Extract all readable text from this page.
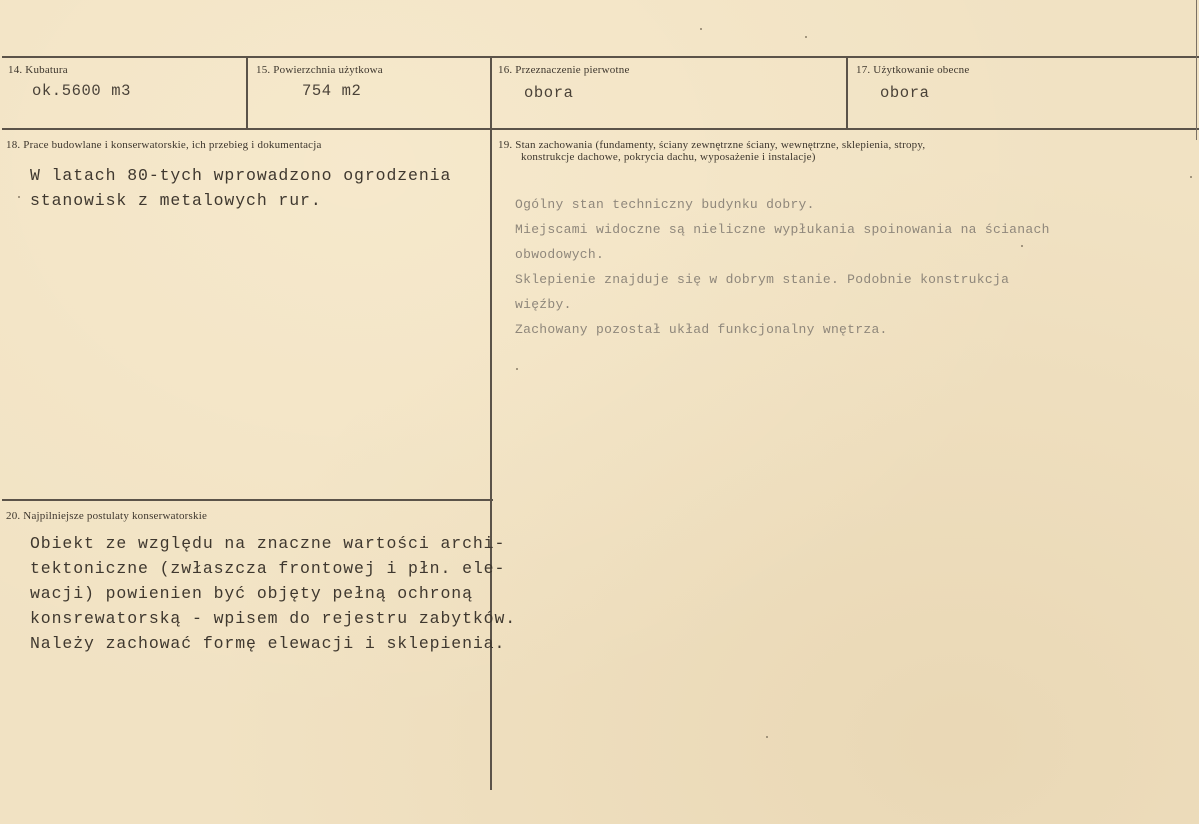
14. Kubatura
ok.5600 m3
15. Powierzchnia użytkowa
754 m2
16. Przeznaczenie pierwotne
obora
17. Użytkowanie obecne
obora
18. Prace budowlane i konserwatorskie, ich przebieg i dokumentacja
W latach 80-tych wprowadzono ogrodzenia
stanowisk z metalowych rur.
19. Stan zachowania (fundamenty, ściany zewnętrzne ściany, wewnętrzne, sklepienia, stropy,
konstrukcje dachowe, pokrycia dachu, wyposażenie i instalacje)
Ogólny stan techniczny budynku dobry.
Miejscami widoczne są nieliczne wypłukania spoinowania na ścianach
obwodowych.
Sklepienie znajduje się w dobrym stanie. Podobnie konstrukcja
więźby.
Zachowany pozostał układ funkcjonalny wnętrza.
20. Najpilniejsze postulaty konserwatorskie
Obiekt ze względu na znaczne wartości archi-
tektoniczne (zwłaszcza frontowej i płn. ele-
wacji) powienien być objęty pełną ochroną
konsrewatorską - wpisem do rejestru zabytków.
Należy zachować formę elewacji i sklepienia.
